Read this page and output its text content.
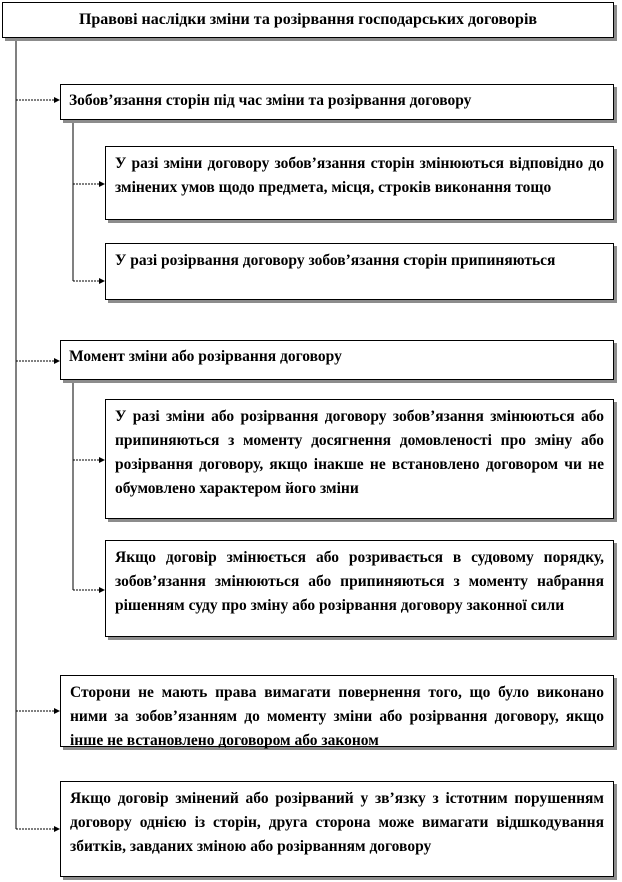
Правові наслідки зміни та розірвання господарських договорів
Зобов’язання сторін під час зміни та розірвання договору
У разі зміни договору зобов’язання сторін змінюються відповідно до змінених умов щодо предмета, місця, строків виконання тощо
У разі розірвання договору зобов’язання сторін припиняються
Момент зміни або розірвання договору
У разі зміни або розірвання договору зобов’язання змінюються або припиняються з моменту досягнення домовленості про зміну або розірвання договору, якщо інакше не встановлено договором чи не обумовлено характером його зміни
Якщо договір змінюється або розривається в судовому порядку, зобов’язання змінюються або припиняються з моменту набрання рішенням суду про зміну або розірвання договору законної сили
Сторони не мають права вимагати повернення того, що було виконано ними за зобов’язанням до моменту зміни або розірвання договору, якщо інше не встановлено договором або законом
Якщо договір змінений або розірваний у зв’язку з істотним порушенням договору однією із сторін, друга сторона може вимагати відшкодування збитків, завданих зміною або розірванням договору
